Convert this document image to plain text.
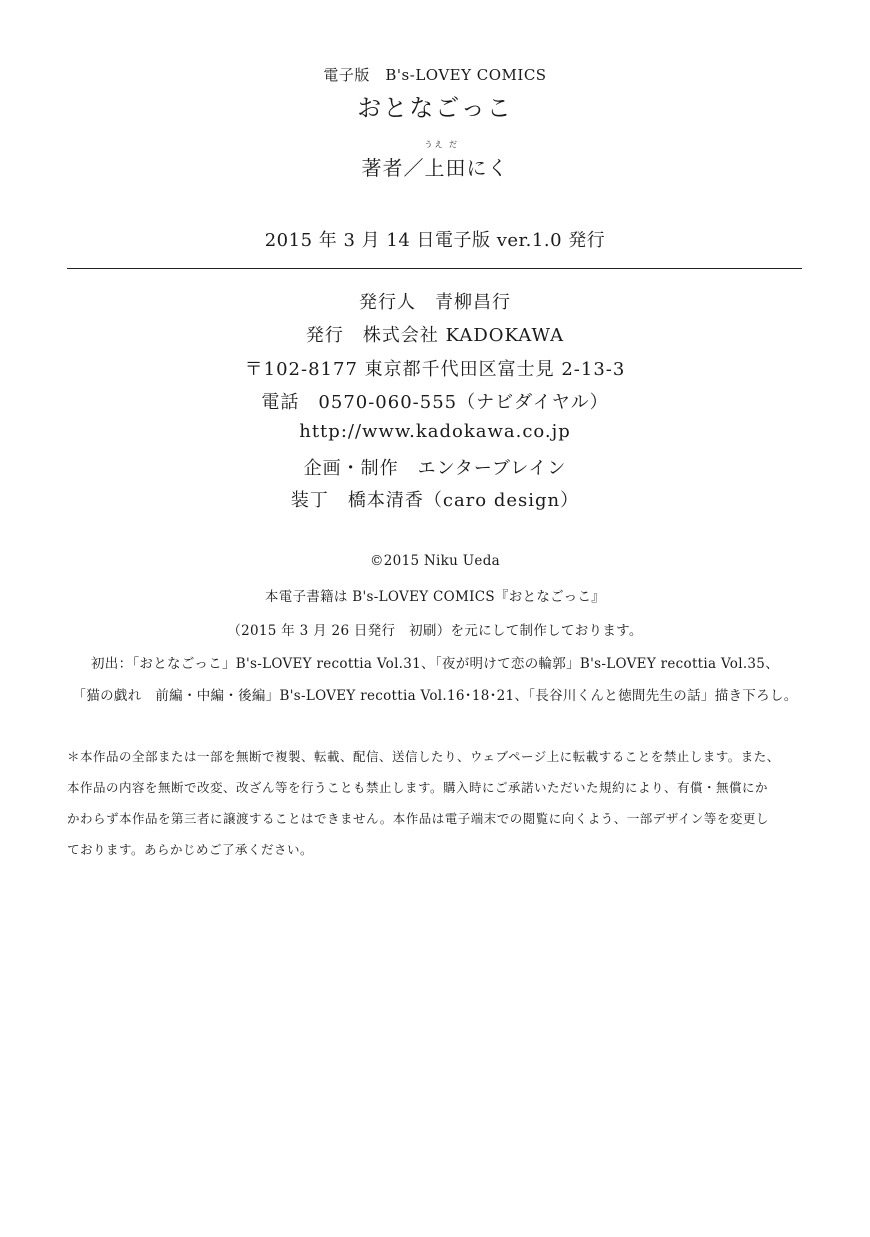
電子版　B's-LOVEY COMICS
おとなごっこ
著者／
うえ だ
上田にく
2015 年 3 月 14 日電子版 ver.1.0 発行
発行人　青柳昌行
発行　株式会社 KADOKAWA
〒102-8177 東京都千代田区富士見 2-13-3
電話　0570-060-555（ナビダイヤル）
http://www.kadokawa.co.jp
企画・制作　エンターブレイン
装丁　橋本清香（caro design）
©2015 Niku Ueda
本電子書籍は B's-LOVEY COMICS『おとなごっこ』
（2015 年 3 月 26 日発行　初刷）を元にして制作しております。
初出：「おとなごっこ」B's-LOVEY recottia Vol.31、「夜が明けて恋の輪郭」B's-LOVEY recottia Vol.35、
「猫の戯れ　前編・中編・後編」B's-LOVEY recottia Vol.16･18･21、「長谷川くんと徳間先生の話」描き下ろし。
＊本作品の全部または一部を無断で複製、転載、配信、送信したり、ウェブページ上に転載することを禁止します。また、
本作品の内容を無断で改変、改ざん等を行うことも禁止します。購入時にご承諾いただいた規約により、有償・無償にか
かわらず本作品を第三者に譲渡することはできません。本作品は電子端末での閲覧に向くよう、一部デザイン等を変更し
ております。あらかじめご了承ください。
